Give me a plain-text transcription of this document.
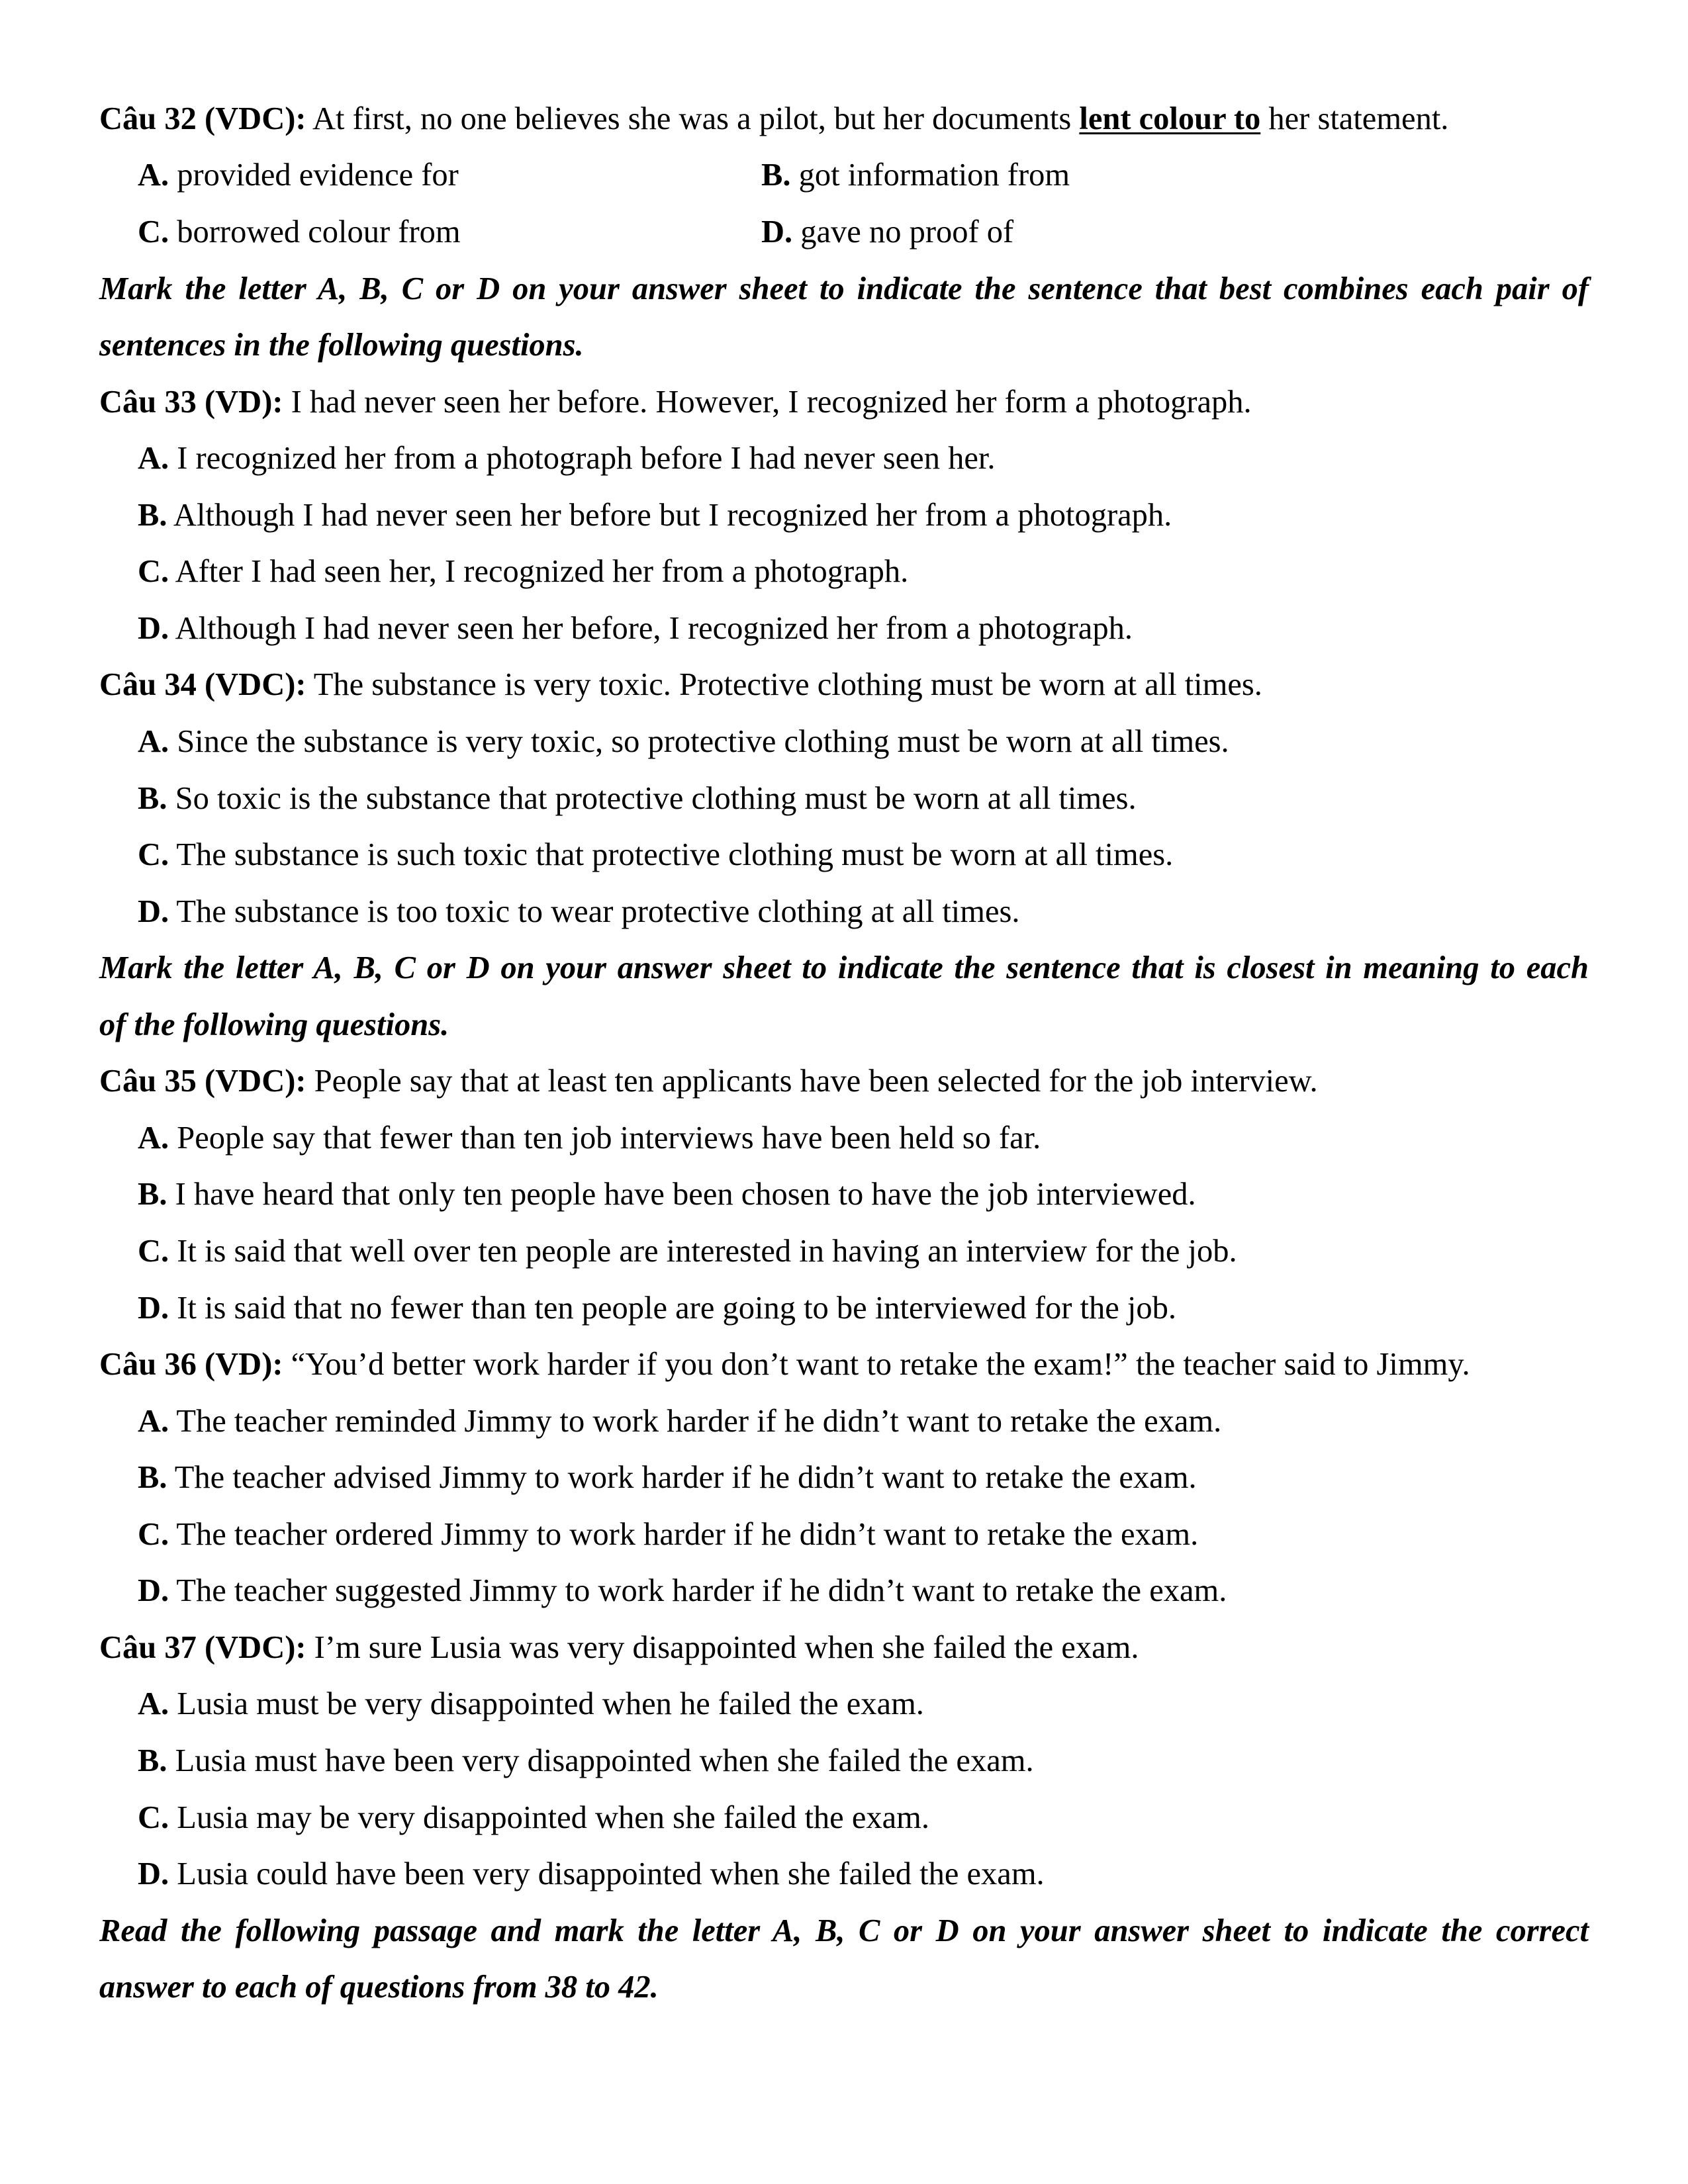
Câu 32 (VDC): At first, no one believes she was a pilot, but her documents lent colour to her statement.
A. provided evidence for	B. got information from
C. borrowed colour from	D. gave no proof of
Mark the letter A, B, C or D on your answer sheet to indicate the sentence that best combines each pair of
sentences in the following questions.
Câu 33 (VD): I had never seen her before. However, I recognized her form a photograph.
A. I recognized her from a photograph before I had never seen her.
B. Although I had never seen her before but I recognized her from a photograph.
C. After I had seen her, I recognized her from a photograph.
D. Although I had never seen her before, I recognized her from a photograph.
Câu 34 (VDC): The substance is very toxic. Protective clothing must be worn at all times.
A. Since the substance is very toxic, so protective clothing must be worn at all times.
B. So toxic is the substance that protective clothing must be worn at all times.
C. The substance is such toxic that protective clothing must be worn at all times.
D. The substance is too toxic to wear protective clothing at all times.
Mark the letter A, B, C or D on your answer sheet to indicate the sentence that is closest in meaning to each
of the following questions.
Câu 35 (VDC): People say that at least ten applicants have been selected for the job interview.
A. People say that fewer than ten job interviews have been held so far.
B. I have heard that only ten people have been chosen to have the job interviewed.
C. It is said that well over ten people are interested in having an interview for the job.
D. It is said that no fewer than ten people are going to be interviewed for the job.
Câu 36 (VD): “You’d better work harder if you don’t want to retake the exam!” the teacher said to Jimmy.
A. The teacher reminded Jimmy to work harder if he didn’t want to retake the exam.
B. The teacher advised Jimmy to work harder if he didn’t want to retake the exam.
C. The teacher ordered Jimmy to work harder if he didn’t want to retake the exam.
D. The teacher suggested Jimmy to work harder if he didn’t want to retake the exam.
Câu 37 (VDC): I’m sure Lusia was very disappointed when she failed the exam.
A. Lusia must be very disappointed when he failed the exam.
B. Lusia must have been very disappointed when she failed the exam.
C. Lusia may be very disappointed when she failed the exam.
D. Lusia could have been very disappointed when she failed the exam.
Read the following passage and mark the letter A, B, C or D on your answer sheet to indicate the correct
answer to each of questions from 38 to 42.
